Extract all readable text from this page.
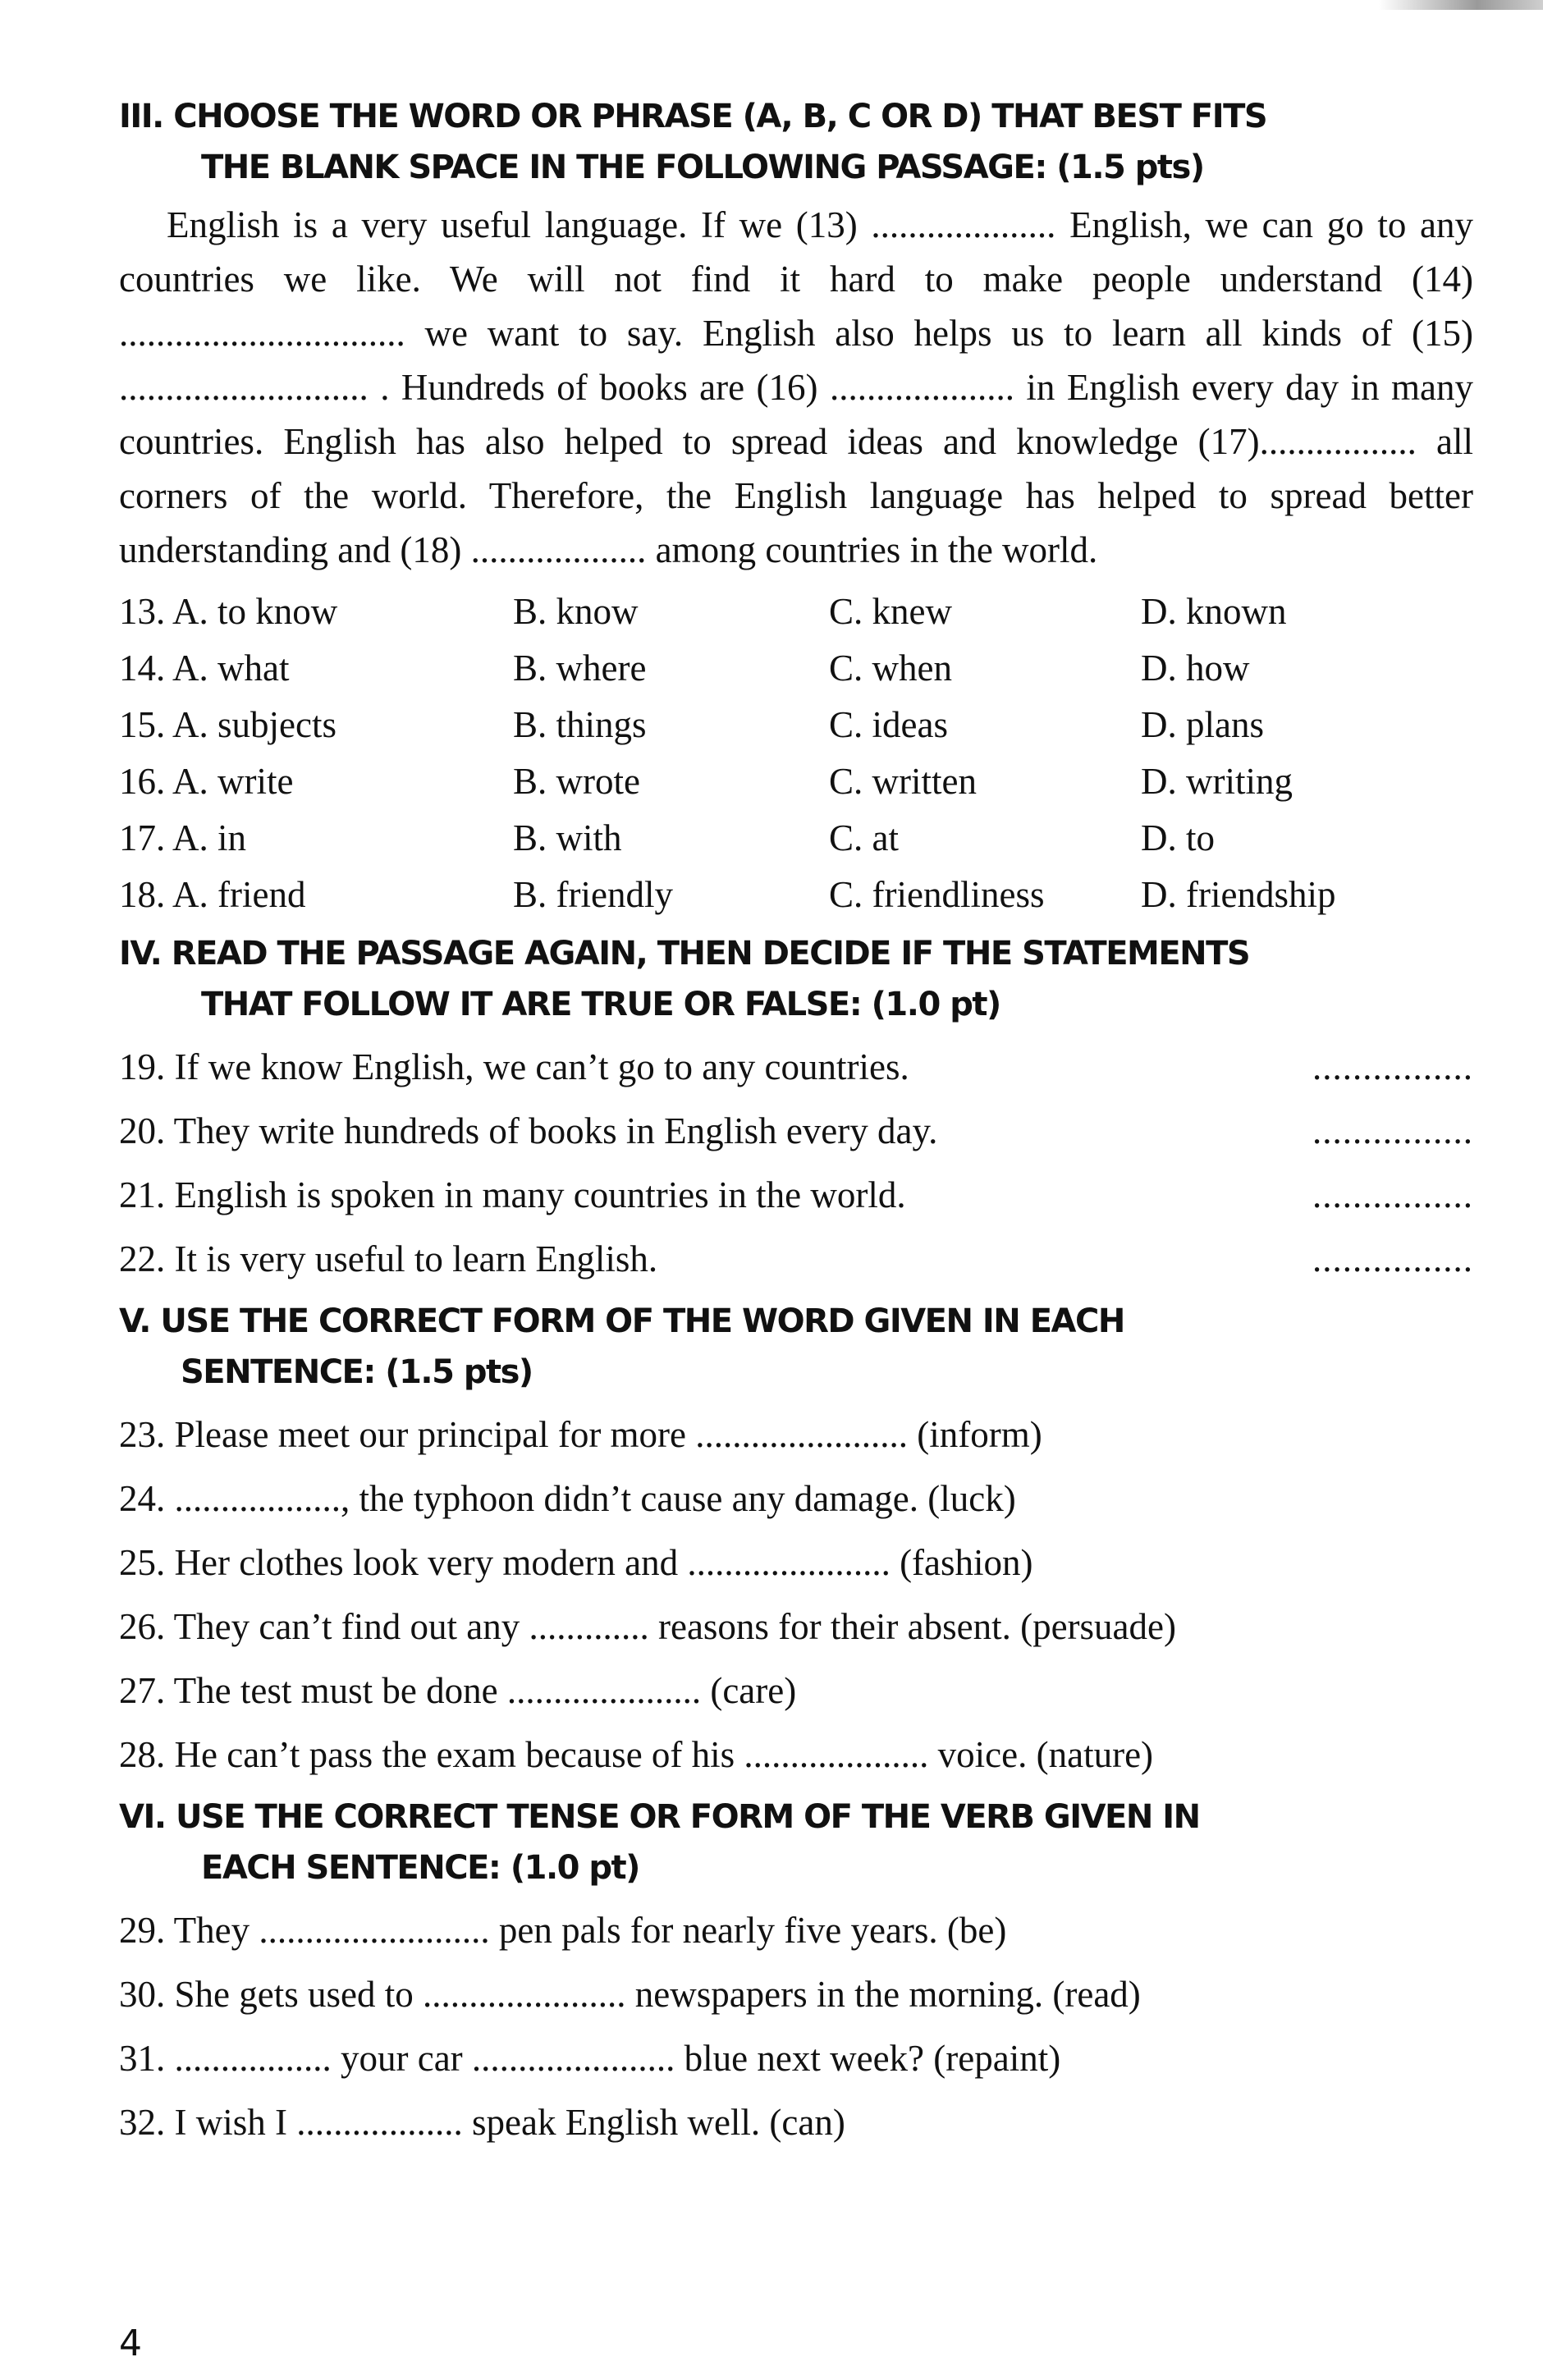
III. CHOOSE THE WORD OR PHRASE (A, B, C OR D) THAT BEST FITS
THE BLANK SPACE IN THE FOLLOWING PASSAGE: (1.5 pts)

English is a very useful language. If we (13) .................... English, we can go to any countries we like. We will not find it hard to make people understand (14) ............................... we want to say. English also helps us to learn all kinds of (15) ........................... . Hundreds of books are (16) .................... in English every day in many countries. English has also helped to spread ideas and knowledge (17)................. all corners of the world. Therefore, the English language has helped to spread better understanding and (18) ................... among countries in the world.

13. A. to know	B. know	C. knew	D. known
14. A. what	B. where	C. when	D. how
15. A. subjects	B. things	C. ideas	D. plans
16. A. write	B. wrote	C. written	D. writing
17. A. in	B. with	C. at	D. to
18. A. friend	B. friendly	C. friendliness	D. friendship
IV. READ THE PASSAGE AGAIN, THEN DECIDE IF THE STATEMENTS
THAT FOLLOW IT ARE TRUE OR FALSE: (1.0 pt)
19. If we know English, we can’t go to any countries.	................
20. They write hundreds of books in English every day.	................
21. English is spoken in many countries in the world.	................
22. It is very useful to learn English.	................
V. USE THE CORRECT FORM OF THE WORD GIVEN IN EACH
SENTENCE: (1.5 pts)
23. Please meet our principal for more ....................... (inform)
24. .................., the typhoon didn’t cause any damage. (luck)
25. Her clothes look very modern and ...................... (fashion)
26. They can’t find out any ............. reasons for their absent. (persuade)
27. The test must be done ..................... (care)
28. He can’t pass the exam because of his .................... voice. (nature)
VI. USE THE CORRECT TENSE OR FORM OF THE VERB GIVEN IN
EACH SENTENCE: (1.0 pt)
29. They ......................... pen pals for nearly five years. (be)
30. She gets used to ...................... newspapers in the morning. (read)
31. ................. your car ...................... blue next week? (repaint)
32. I wish I .................. speak English well. (can)
4
